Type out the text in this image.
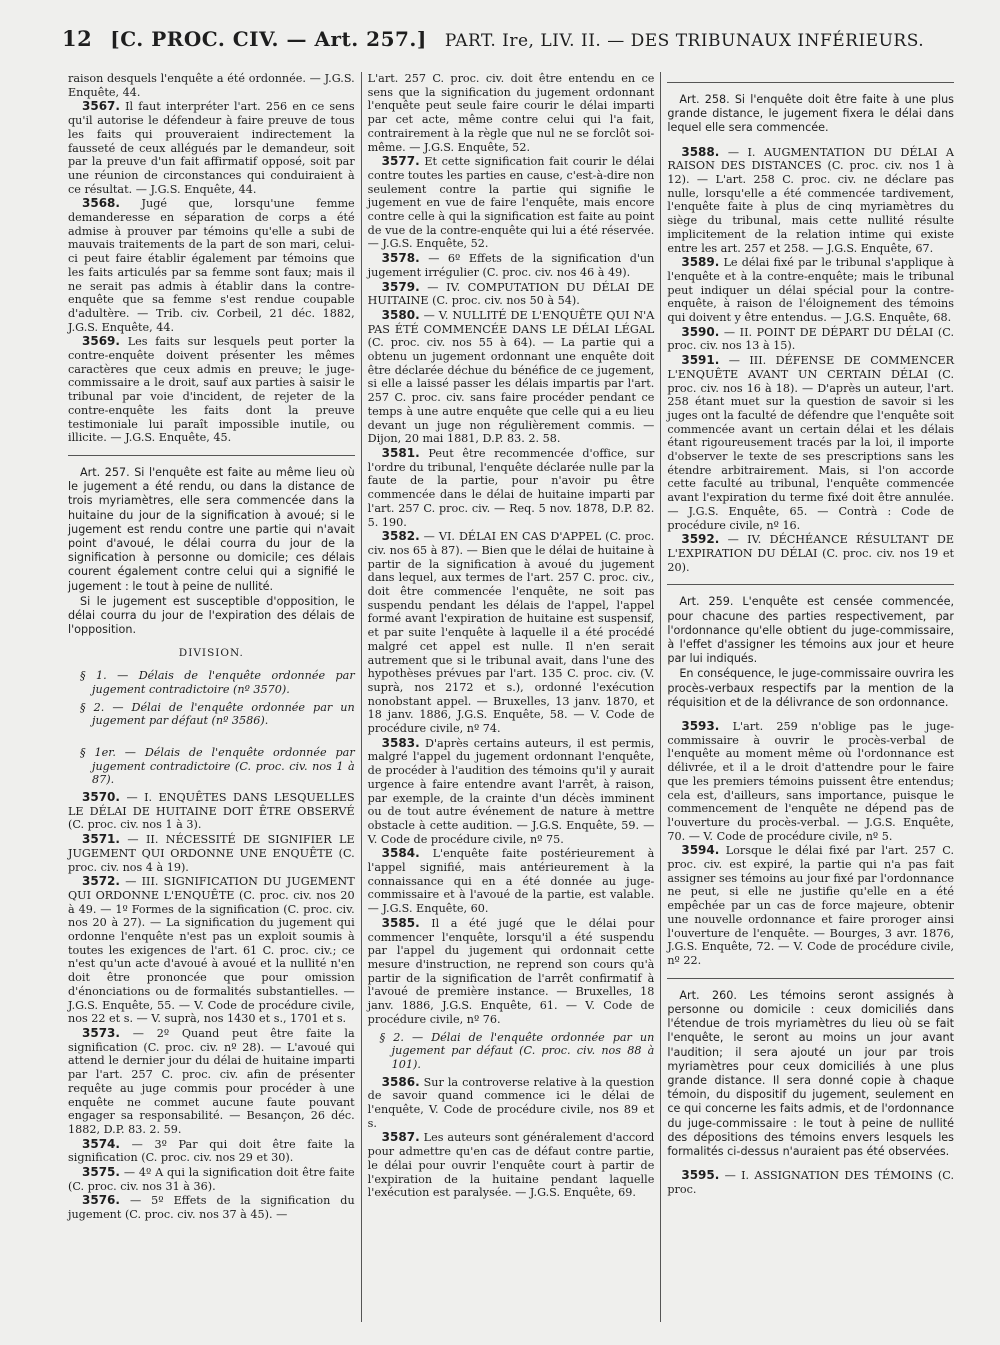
12 [C. PROC. CIV. — Art. 257.] PART. Ire, LIV. II. — DES TRIBUNAUX INFÉRIEURS.

raison desquels l'enquête a été ordonnée. — J.G.S. Enquête, 44.

3567. Il faut interpréter l'art. 256 en ce sens qu'il autorise le défendeur à faire preuve de tous les faits qui prouveraient indirectement la fausseté de ceux allégués par le demandeur, soit par la preuve d'un fait affirmatif opposé, soit par une réunion de circonstances qui conduiraient à ce résultat. — J.G.S. Enquête, 44.

3568. Jugé que, lorsqu'une femme demanderesse en séparation de corps a été admise à prouver par témoins qu'elle a subi de mauvais traitements de la part de son mari, celui-ci peut faire établir également par témoins que les faits articulés par sa femme sont faux; mais il ne serait pas admis à établir dans la contre-enquête que sa femme s'est rendue coupable d'adultère. — Trib. civ. Corbeil, 21 déc. 1882, J.G.S. Enquête, 44.

3569. Les faits sur lesquels peut porter la contre-enquête doivent présenter les mêmes caractères que ceux admis en preuve; le juge-commissaire a le droit, sauf aux parties à saisir le tribunal par voie d'incident, de rejeter de la contre-enquête les faits dont la preuve testimoniale lui paraît impossible inutile, ou illicite. — J.G.S. Enquête, 45.

Art. 257. Si l'enquête est faite au même lieu où le jugement a été rendu, ou dans la distance de trois myriamètres, elle sera commencée dans la huitaine du jour de la signification à avoué; si le jugement est rendu contre une partie qui n'avait point d'avoué, le délai courra du jour de la signification à personne ou domicile; ces délais courent également contre celui qui a signifié le jugement : le tout à peine de nullité.

Si le jugement est susceptible d'opposition, le délai courra du jour de l'expiration des délais de l'opposition.

DIVISION.

§ 1. — Délais de l'enquête ordonnée par jugement contradictoire (nº 3570).

§ 2. — Délai de l'enquête ordonnée par un jugement par défaut (nº 3586).

§ 1er. — Délais de l'enquête ordonnée par jugement contradictoire (C. proc. civ. nos 1 à 87).

3570. — I. ENQUÊTES DANS LESQUELLES LE DÉLAI DE HUITAINE DOIT ÊTRE OBSERVÉ (C. proc. civ. nos 1 à 3).

3571. — II. NÉCESSITÉ DE SIGNIFIER LE JUGEMENT QUI ORDONNE UNE ENQUÊTE (C. proc. civ. nos 4 à 19).

3572. — III. SIGNIFICATION DU JUGEMENT QUI ORDONNE L'ENQUÊTE (C. proc. civ. nos 20 à 49. — 1º Formes de la signification (C. proc. civ. nos 20 à 27). — La signification du jugement qui ordonne l'enquête n'est pas un exploit soumis à toutes les exigences de l'art. 61 C. proc. civ.; ce n'est qu'un acte d'avoué à avoué et la nullité n'en doit être prononcée que pour omission d'énonciations ou de formalités substantielles. — J.G.S. Enquête, 55. — V. Code de procédure civile, nos 22 et s. — V. suprà, nos 1430 et s., 1701 et s.

3573. — 2º Quand peut être faite la signification (C. proc. civ. nº 28). — L'avoué qui attend le dernier jour du délai de huitaine imparti par l'art. 257 C. proc. civ. afin de présenter requête au juge commis pour procéder à une enquête ne commet aucune faute pouvant engager sa responsabilité. — Besançon, 26 déc. 1882, D.P. 83. 2. 59.

3574. — 3º Par qui doit être faite la signification (C. proc. civ. nos 29 et 30).

3575. — 4º A qui la signification doit être faite (C. proc. civ. nos 31 à 36).

3576. — 5º Effets de la signification du jugement (C. proc. civ. nos 37 à 45). —

L'art. 257 C. proc. civ. doit être entendu en ce sens que la signification du jugement ordonnant l'enquête peut seule faire courir le délai imparti par cet acte, même contre celui qui l'a fait, contrairement à la règle que nul ne se forclôt soi-même. — J.G.S. Enquête, 52.

3577. Et cette signification fait courir le délai contre toutes les parties en cause, c'est-à-dire non seulement contre la partie qui signifie le jugement en vue de faire l'enquête, mais encore contre celle à qui la signification est faite au point de vue de la contre-enquête qui lui a été réservée. — J.G.S. Enquête, 52.

3578. — 6º Effets de la signification d'un jugement irrégulier (C. proc. civ. nos 46 à 49).

3579. — IV. COMPUTATION DU DÉLAI DE HUITAINE (C. proc. civ. nos 50 à 54).

3580. — V. NULLITÉ DE L'ENQUÊTE QUI N'A PAS ÉTÉ COMMENCÉE DANS LE DÉLAI LÉGAL (C. proc. civ. nos 55 à 64). — La partie qui a obtenu un jugement ordonnant une enquête doit être déclarée déchue du bénéfice de ce jugement, si elle a laissé passer les délais impartis par l'art. 257 C. proc. civ. sans faire procéder pendant ce temps à une autre enquête que celle qui a eu lieu devant un juge non régulièrement commis. — Dijon, 20 mai 1881, D.P. 83. 2. 58.

3581. Peut être recommencée d'office, sur l'ordre du tribunal, l'enquête déclarée nulle par la faute de la partie, pour n'avoir pu être commencée dans le délai de huitaine imparti par l'art. 257 C. proc. civ. — Req. 5 nov. 1878, D.P. 82. 5. 190.

3582. — VI. DÉLAI EN CAS D'APPEL (C. proc. civ. nos 65 à 87). — Bien que le délai de huitaine à partir de la signification à avoué du jugement dans lequel, aux termes de l'art. 257 C. proc. civ., doit être commencée l'enquête, ne soit pas suspendu pendant les délais de l'appel, l'appel formé avant l'expiration de huitaine est suspensif, et par suite l'enquête à laquelle il a été procédé malgré cet appel est nulle. Il n'en serait autrement que si le tribunal avait, dans l'une des hypothèses prévues par l'art. 135 C. proc. civ. (V. suprà, nos 2172 et s.), ordonné l'exécution nonobstant appel. — Bruxelles, 13 janv. 1870, et 18 janv. 1886, J.G.S. Enquête, 58. — V. Code de procédure civile, nº 74.

3583. D'après certains auteurs, il est permis, malgré l'appel du jugement ordonnant l'enquête, de procéder à l'audition des témoins qu'il y aurait urgence à faire entendre avant l'arrêt, à raison, par exemple, de la crainte d'un décès imminent ou de tout autre événement de nature à mettre obstacle à cette audition. — J.G.S. Enquête, 59. — V. Code de procédure civile, nº 75.

3584. L'enquête faite postérieurement à l'appel signifié, mais antérieurement à la connaissance qui en a été donnée au juge-commissaire et à l'avoué de la partie, est valable. — J.G.S. Enquête, 60.

3585. Il a été jugé que le délai pour commencer l'enquête, lorsqu'il a été suspendu par l'appel du jugement qui ordonnait cette mesure d'instruction, ne reprend son cours qu'à partir de la signification de l'arrêt confirmatif à l'avoué de première instance. — Bruxelles, 18 janv. 1886, J.G.S. Enquête, 61. — V. Code de procédure civile, nº 76.

§ 2. — Délai de l'enquête ordonnée par un jugement par défaut (C. proc. civ. nos 88 à 101).

3586. Sur la controverse relative à la question de savoir quand commence ici le délai de l'enquête, V. Code de procédure civile, nos 89 et s.

3587. Les auteurs sont généralement d'accord pour admettre qu'en cas de défaut contre partie, le délai pour ouvrir l'enquête court à partir de l'expiration de la huitaine pendant laquelle l'exécution est paralysée. — J.G.S. Enquête, 69.

Art. 258. Si l'enquête doit être faite à une plus grande distance, le jugement fixera le délai dans lequel elle sera commencée.

3588. — I. AUGMENTATION DU DÉLAI A RAISON DES DISTANCES (C. proc. civ. nos 1 à 12). — L'art. 258 C. proc. civ. ne déclare pas nulle, lorsqu'elle a été commencée tardivement, l'enquête faite à plus de cinq myriamètres du siège du tribunal, mais cette nullité résulte implicitement de la relation intime qui existe entre les art. 257 et 258. — J.G.S. Enquête, 67.

3589. Le délai fixé par le tribunal s'applique à l'enquête et à la contre-enquête; mais le tribunal peut indiquer un délai spécial pour la contre-enquête, à raison de l'éloignement des témoins qui doivent y être entendus. — J.G.S. Enquête, 68.

3590. — II. POINT DE DÉPART DU DÉLAI (C. proc. civ. nos 13 à 15).

3591. — III. DÉFENSE DE COMMENCER L'ENQUÊTE AVANT UN CERTAIN DÉLAI (C. proc. civ. nos 16 à 18). — D'après un auteur, l'art. 258 étant muet sur la question de savoir si les juges ont la faculté de défendre que l'enquête soit commencée avant un certain délai et les délais étant rigoureusement tracés par la loi, il importe d'observer le texte de ses prescriptions sans les étendre arbitrairement. Mais, si l'on accorde cette faculté au tribunal, l'enquête commencée avant l'expiration du terme fixé doit être annulée. — J.G.S. Enquête, 65. — Contrà : Code de procédure civile, nº 16.

3592. — IV. DÉCHÉANCE RÉSULTANT DE L'EXPIRATION DU DÉLAI (C. proc. civ. nos 19 et 20).

Art. 259. L'enquête est censée commencée, pour chacune des parties respectivement, par l'ordonnance qu'elle obtient du juge-commissaire, à l'effet d'assigner les témoins aux jour et heure par lui indiqués.

En conséquence, le juge-commissaire ouvrira les procès-verbaux respectifs par la mention de la réquisition et de la délivrance de son ordonnance.

3593. L'art. 259 n'oblige pas le juge-commissaire à ouvrir le procès-verbal de l'enquête au moment même où l'ordonnance est délivrée, et il a le droit d'attendre pour le faire que les premiers témoins puissent être entendus; cela est, d'ailleurs, sans importance, puisque le commencement de l'enquête ne dépend pas de l'ouverture du procès-verbal. — J.G.S. Enquête, 70. — V. Code de procédure civile, nº 5.

3594. Lorsque le délai fixé par l'art. 257 C. proc. civ. est expiré, la partie qui n'a pas fait assigner ses témoins au jour fixé par l'ordonnance ne peut, si elle ne justifie qu'elle en a été empêchée par un cas de force majeure, obtenir une nouvelle ordonnance et faire proroger ainsi l'ouverture de l'enquête. — Bourges, 3 avr. 1876, J.G.S. Enquête, 72. — V. Code de procédure civile, nº 22.

Art. 260. Les témoins seront assignés à personne ou domicile : ceux domiciliés dans l'étendue de trois myriamètres du lieu où se fait l'enquête, le seront au moins un jour avant l'audition; il sera ajouté un jour par trois myriamètres pour ceux domiciliés à une plus grande distance. Il sera donné copie à chaque témoin, du dispositif du jugement, seulement en ce qui concerne les faits admis, et de l'ordonnance du juge-commissaire : le tout à peine de nullité des dépositions des témoins envers lesquels les formalités ci-dessus n'auraient pas été observées.

3595. — I. ASSIGNATION DES TÉMOINS (C. proc.
